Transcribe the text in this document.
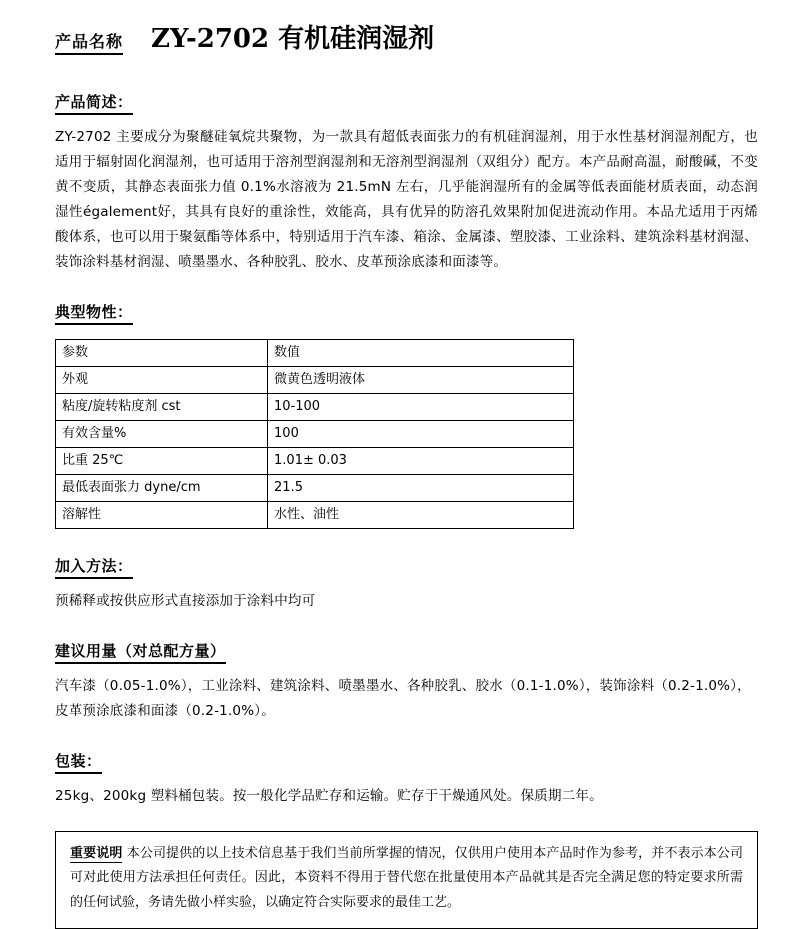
产品名称 ZY-2702 有机硅润湿剂
产品简述：
ZY-2702 主要成分为聚醚硅氧烷共聚物，为一款具有超低表面张力的有机硅润湿剂，用于水性基材润湿剂配方，也适用于辐射固化润湿剂，也可适用于溶剂型润湿剂和无溶剂型润湿剂（双组分）配方。本产品耐高温，耐酸碱，不变黄不变质，其静态表面张力值 0.1%水溶液为 21.5mN 左右，几乎能润湿所有的金属等低表面能材质表面，动态润湿性également好，其具有良好的重涂性，效能高，具有优异的防溶孔效果附加促进流动作用。本品尤适用于丙烯酸体系，也可以用于聚氨酯等体系中，特别适用于汽车漆、箱涂、金属漆、塑胶漆、工业涂料、建筑涂料基材润湿、装饰涂料基材润湿、喷墨墨水、各种胶乳、胶水、皮革预涂底漆和面漆等。
典型物性：
参数	数值
外观	微黄色透明液体
粘度/旋转粘度剂 cst	10-100
有效含量%	100
比重 25℃	1.01± 0.03
最低表面张力 dyne/cm	21.5
溶解性	水性、油性
加入方法：
预稀释或按供应形式直接添加于涂料中均可
建议用量（对总配方量）
汽车漆（0.05-1.0%），工业涂料、建筑涂料、喷墨墨水、各种胶乳、胶水（0.1-1.0%），装饰涂料（0.2-1.0%），
皮革预涂底漆和面漆（0.2-1.0%）。
包装：
25kg、200kg 塑料桶包装。按一般化学品贮存和运输。贮存于干燥通风处。保质期二年。
重要说明 本公司提供的以上技术信息基于我们当前所掌握的情况，仅供用户使用本产品时作为参考，并不表示本公司可对此使用方法承担任何责任。因此，本资料不得用于替代您在批量使用本产品就其是否完全满足您的特定要求所需的任何试验，务请先做小样实验，以确定符合实际要求的最佳工艺。
